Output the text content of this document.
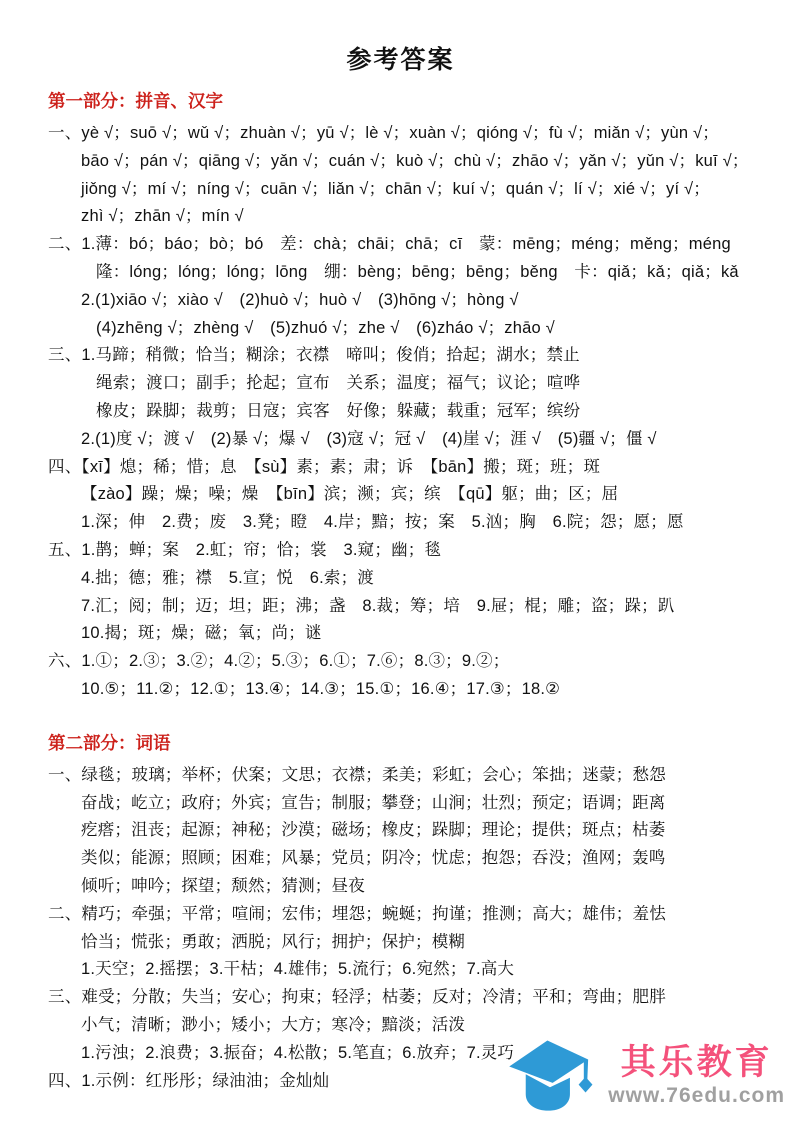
参考答案
第一部分：拼音、汉字
一、yè √；suō √；wǔ √；zhuàn √；yū √；lè √；xuàn √；qióng √；fù √；miǎn √；yùn √；
bāo √；pán √；qiāng √；yǎn √；cuán √；kuò √；chù √；zhāo √；yǎn √；yǔn √；kuī √；
jiǒng √；mí √；níng √；cuān √；liǎn √；chān √；kuí √；quán √；lí √；xié √；yí √；
zhì √；zhān √；mín √
二、1.薄：bó；báo；bò；bó　差：chà；chāi；chā；cī　蒙：mēng；méng；měng；méng
隆：lóng；lóng；lóng；lōng　绷：bèng；bēng；bēng；běng　卡：qiǎ；kǎ；qiǎ；kǎ
2.(1)xiāo √；xiào √　(2)huò √；huò √　(3)hōng √；hòng √
(4)zhēng √；zhèng √　(5)zhuó √；zhe √　(6)zháo √；zhāo √
三、1.马蹄；稍微；恰当；糊涂；衣襟　啼叫；俊俏；拾起；湖水；禁止
绳索；渡口；副手；抡起；宣布　关系；温度；福气；议论；喧哗
橡皮；跺脚；裁剪；日寇；宾客　好像；躲藏；载重；冠军；缤纷
2.(1)度 √；渡 √　(2)暴 √；爆 √　(3)寇 √；冠 √　(4)崖 √；涯 √　(5)疆 √；僵 √
四、【xī】熄；稀；惜；息　【sù】素；素；肃；诉　【bān】搬；斑；班；斑
【zào】躁；燥；噪；燥　【bīn】滨；濒；宾；缤　【qū】躯；曲；区；屈
1.深；伸　2.费；废　3.凳；瞪　4.岸；黯；按；案　5.汹；胸　6.院；怨；愿；愿
五、1.鹊；蝉；案　2.虹；帘；恰；裳　3.窥；幽；毯
4.拙；德；雅；襟　5.宣；悦　6.索；渡
7.汇；阅；制；迈；坦；距；沸；盏　8.裁；筹；培　9.屉；棍；雕；盗；跺；趴
10.揭；斑；燥；磁；氧；尚；谜
六、1.①；2.③；3.②；4.②；5.③；6.①；7.⑥；8.③；9.②；
10.⑤；11.②；12.①；13.④；14.③；15.①；16.④；17.③；18.②
第二部分：词语
一、绿毯；玻璃；举杯；伏案；文思；衣襟；柔美；彩虹；会心；笨拙；迷蒙；愁怨
奋战；屹立；政府；外宾；宣告；制服；攀登；山涧；壮烈；预定；语调；距离
疙瘩；沮丧；起源；神秘；沙漠；磁场；橡皮；跺脚；理论；提供；斑点；枯萎
类似；能源；照顾；困难；风暴；党员；阴冷；忧虑；抱怨；吞没；渔网；轰鸣
倾听；呻吟；探望；颓然；猜测；昼夜
二、精巧；牵强；平常；喧闹；宏伟；埋怨；蜿蜒；拘谨；推测；高大；雄伟；羞怯
恰当；慌张；勇敢；洒脱；风行；拥护；保护；模糊
1.天空；2.摇摆；3.干枯；4.雄伟；5.流行；6.宛然；7.高大
三、难受；分散；失当；安心；拘束；轻浮；枯萎；反对；冷清；平和；弯曲；肥胖
小气；清晰；渺小；矮小；大方；寒冷；黯淡；活泼
1.污浊；2.浪费；3.振奋；4.松散；5.笔直；6.放弃；7.灵巧
四、1.示例：红彤彤；绿油油；金灿灿	其乐教育
www.76edu.com
